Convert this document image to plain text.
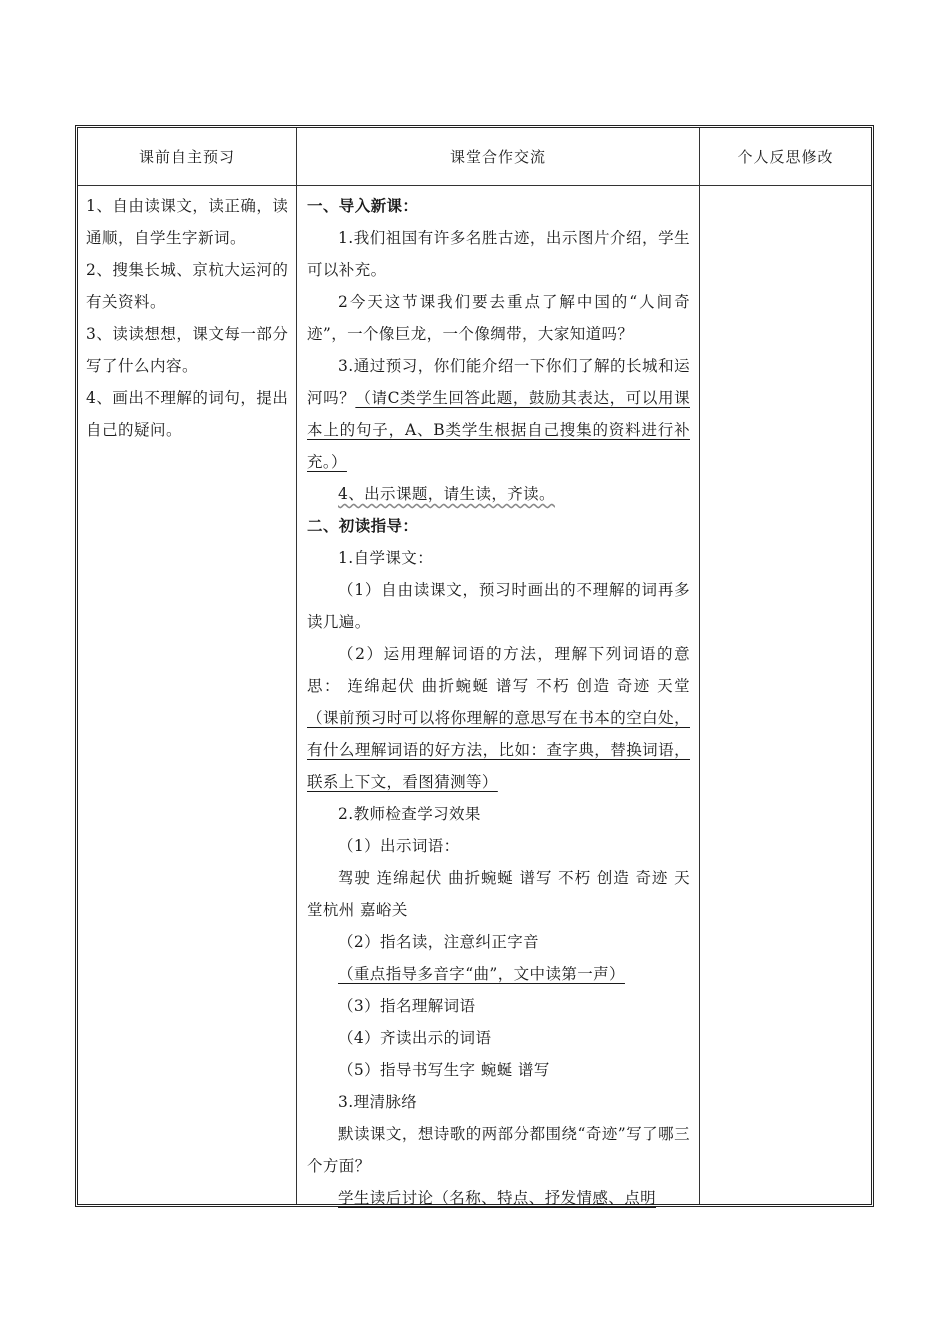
课前自主预习	课堂合作交流	个人反思修改

1、自由读课文，读正确，读通顺，自学生字新词。

2、搜集长城、京杭大运河的有关资料。

3、读读想想，课文每一部分写了什么内容。

4、画出不理解的词句，提出自己的疑问。

一、导入新课：

1.我们祖国有许多名胜古迹，出示图片介绍，学生可以补充。

2今天这节课我们要去重点了解中国的“人间奇迹”，一个像巨龙，一个像绸带，大家知道吗？

3.通过预习，你们能介绍一下你们了解的长城和运河吗？（请C类学生回答此题，鼓励其表达，可以用课本上的句子，A、B类学生根据自己搜集的资料进行补充。）

4、出示课题，请生读，齐读。

二、初读指导：

1.自学课文：

（1）自由读课文，预习时画出的不理解的词再多读几遍。

（2）运用理解词语的方法，理解下列词语的意思： 连绵起伏 曲折蜿蜒 谱写 不朽 创造 奇迹 天堂（课前预习时可以将你理解的意思写在书本的空白处，有什么理解词语的好方法，比如：查字典，替换词语，联系上下文，看图猜测等）

2.教师检查学习效果

（1）出示词语：

驾驶 连绵起伏 曲折蜿蜒 谱写 不朽 创造 奇迹 天堂杭州 嘉峪关

（2）指名读，注意纠正字音

（重点指导多音字“曲”，文中读第一声）

（3）指名理解词语

（4）齐读出示的词语

（5）指导书写生字 蜿蜒 谱写

3.理清脉络

默读课文，想诗歌的两部分都围绕“奇迹”写了哪三个方面？

学生读后讨论（名称、特点、抒发情感、点明
